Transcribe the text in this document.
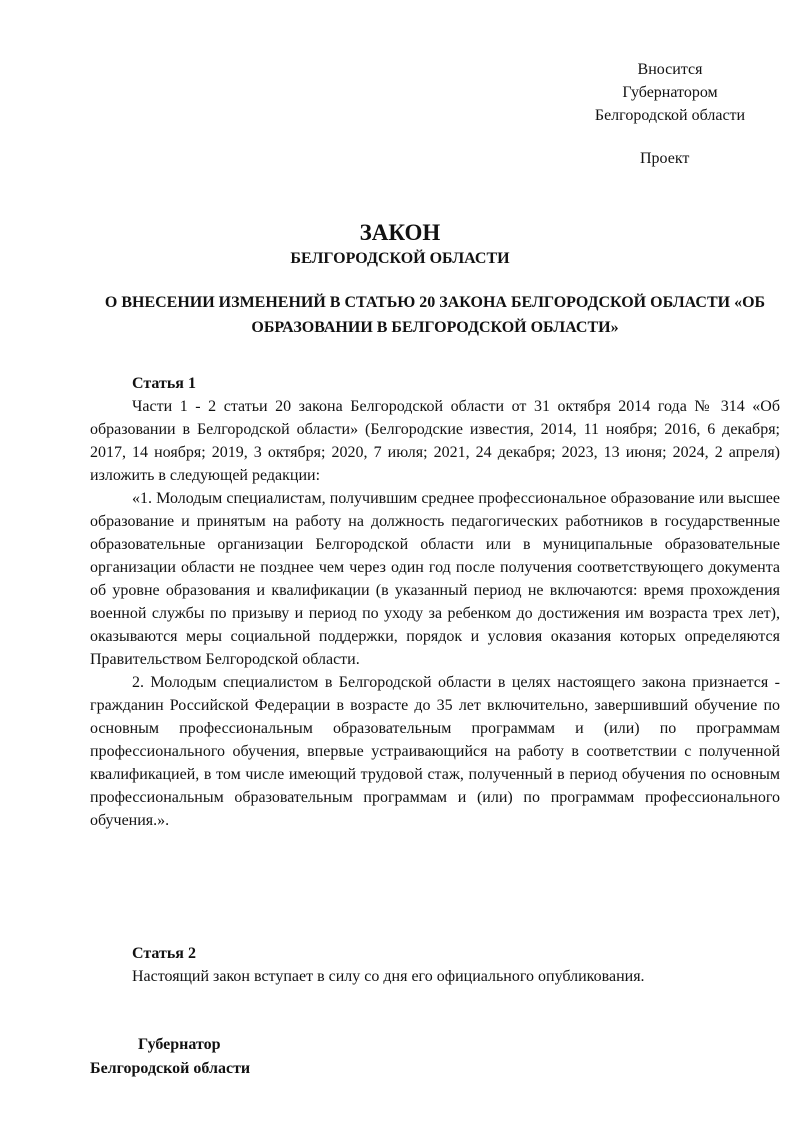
Вносится
Губернатором
Белгородской области
Проект
ЗАКОН
БЕЛГОРОДСКОЙ ОБЛАСТИ
О ВНЕСЕНИИ ИЗМЕНЕНИЙ В СТАТЬЮ 20 ЗАКОНА БЕЛГОРОДСКОЙ ОБЛАСТИ «ОБ ОБРАЗОВАНИИ В БЕЛГОРОДСКОЙ ОБЛАСТИ»
Статья 1

Части 1 - 2 статьи 20 закона Белгородской области от 31 октября 2014 года № 314 «Об образовании в Белгородской области» (Белгородские известия, 2014, 11 ноября; 2016, 6 декабря; 2017, 14 ноября; 2019, 3 октября; 2020, 7 июля; 2021, 24 декабря; 2023, 13 июня; 2024, 2 апреля) изложить в следующей редакции:

«1. Молодым специалистам, получившим среднее профессиональное образование или высшее образование и принятым на работу на должность педагогических работников в государственные образовательные организации Белгородской области или в муниципальные образовательные организации области не позднее чем через один год после получения соответствующего документа об уровне образования и квалификации (в указанный период не включаются: время прохождения военной службы по призыву и период по уходу за ребенком до достижения им возраста трех лет), оказываются меры социальной поддержки, порядок и условия оказания которых определяются Правительством Белгородской области.

2. Молодым специалистом в Белгородской области в целях настоящего закона признается - гражданин Российской Федерации в возрасте до 35 лет включительно, завершивший обучение по основным профессиональным образовательным программам и (или) по программам профессионального обучения, впервые устраивающийся на работу в соответствии с полученной квалификацией, в том числе имеющий трудовой стаж, полученный в период обучения по основным профессиональным образовательным программам и (или) по программам профессионального обучения.».

Статья 2

Настоящий закон вступает в силу со дня его официального опубликования.

Губернатор
Белгородской области
